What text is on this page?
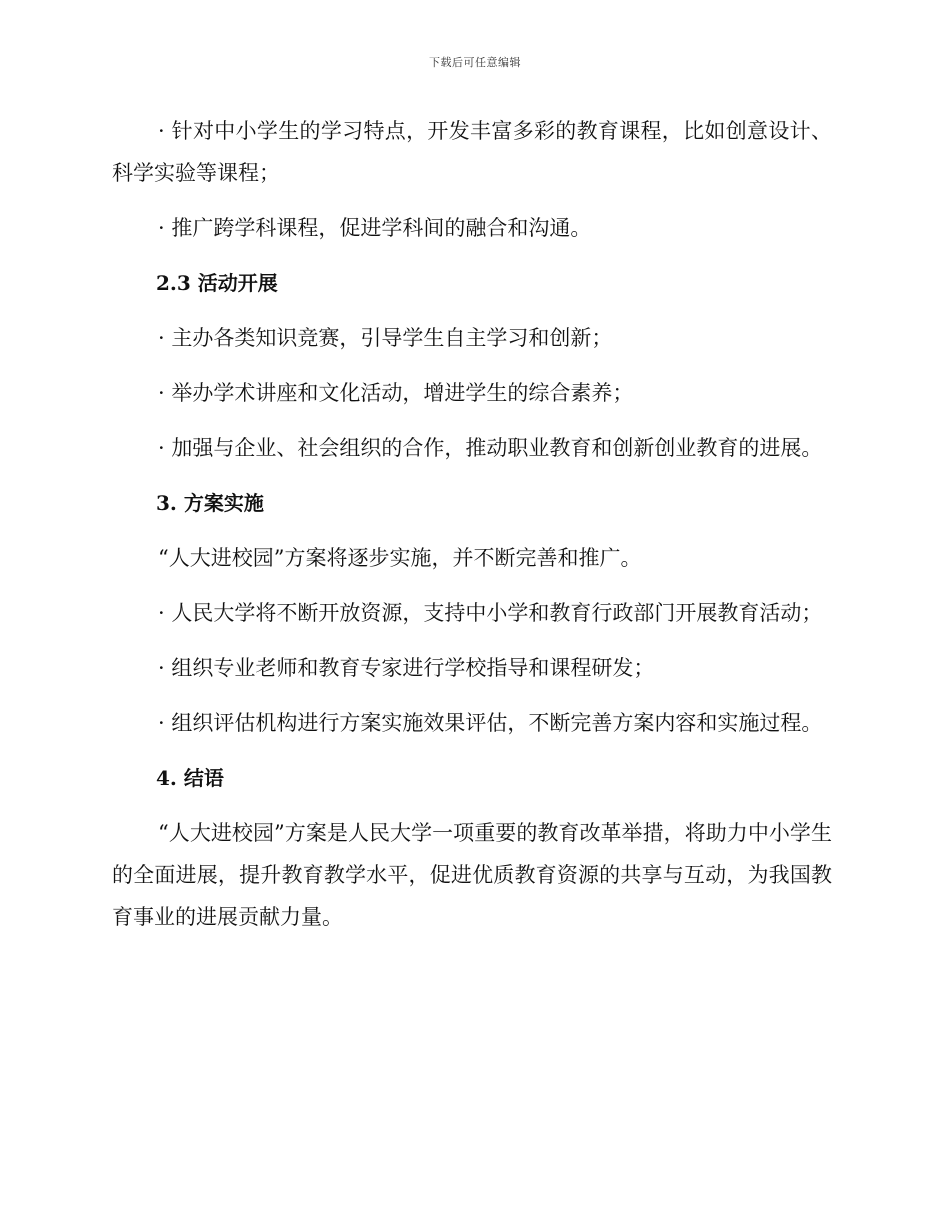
下载后可任意编辑

· 针对中小学生的学习特点，开发丰富多彩的教育课程，比如创意设计、科学实验等课程；

· 推广跨学科课程，促进学科间的融合和沟通。

2.3 活动开展

· 主办各类知识竞赛，引导学生自主学习和创新；

· 举办学术讲座和文化活动，增进学生的综合素养；

· 加强与企业、社会组织的合作，推动职业教育和创新创业教育的进展。

3. 方案实施

“人大进校园”方案将逐步实施，并不断完善和推广。

· 人民大学将不断开放资源，支持中小学和教育行政部门开展教育活动；

· 组织专业老师和教育专家进行学校指导和课程研发；

· 组织评估机构进行方案实施效果评估，不断完善方案内容和实施过程。

4. 结语

“人大进校园”方案是人民大学一项重要的教育改革举措，将助力中小学生的全面进展，提升教育教学水平，促进优质教育资源的共享与互动，为我国教育事业的进展贡献力量。
